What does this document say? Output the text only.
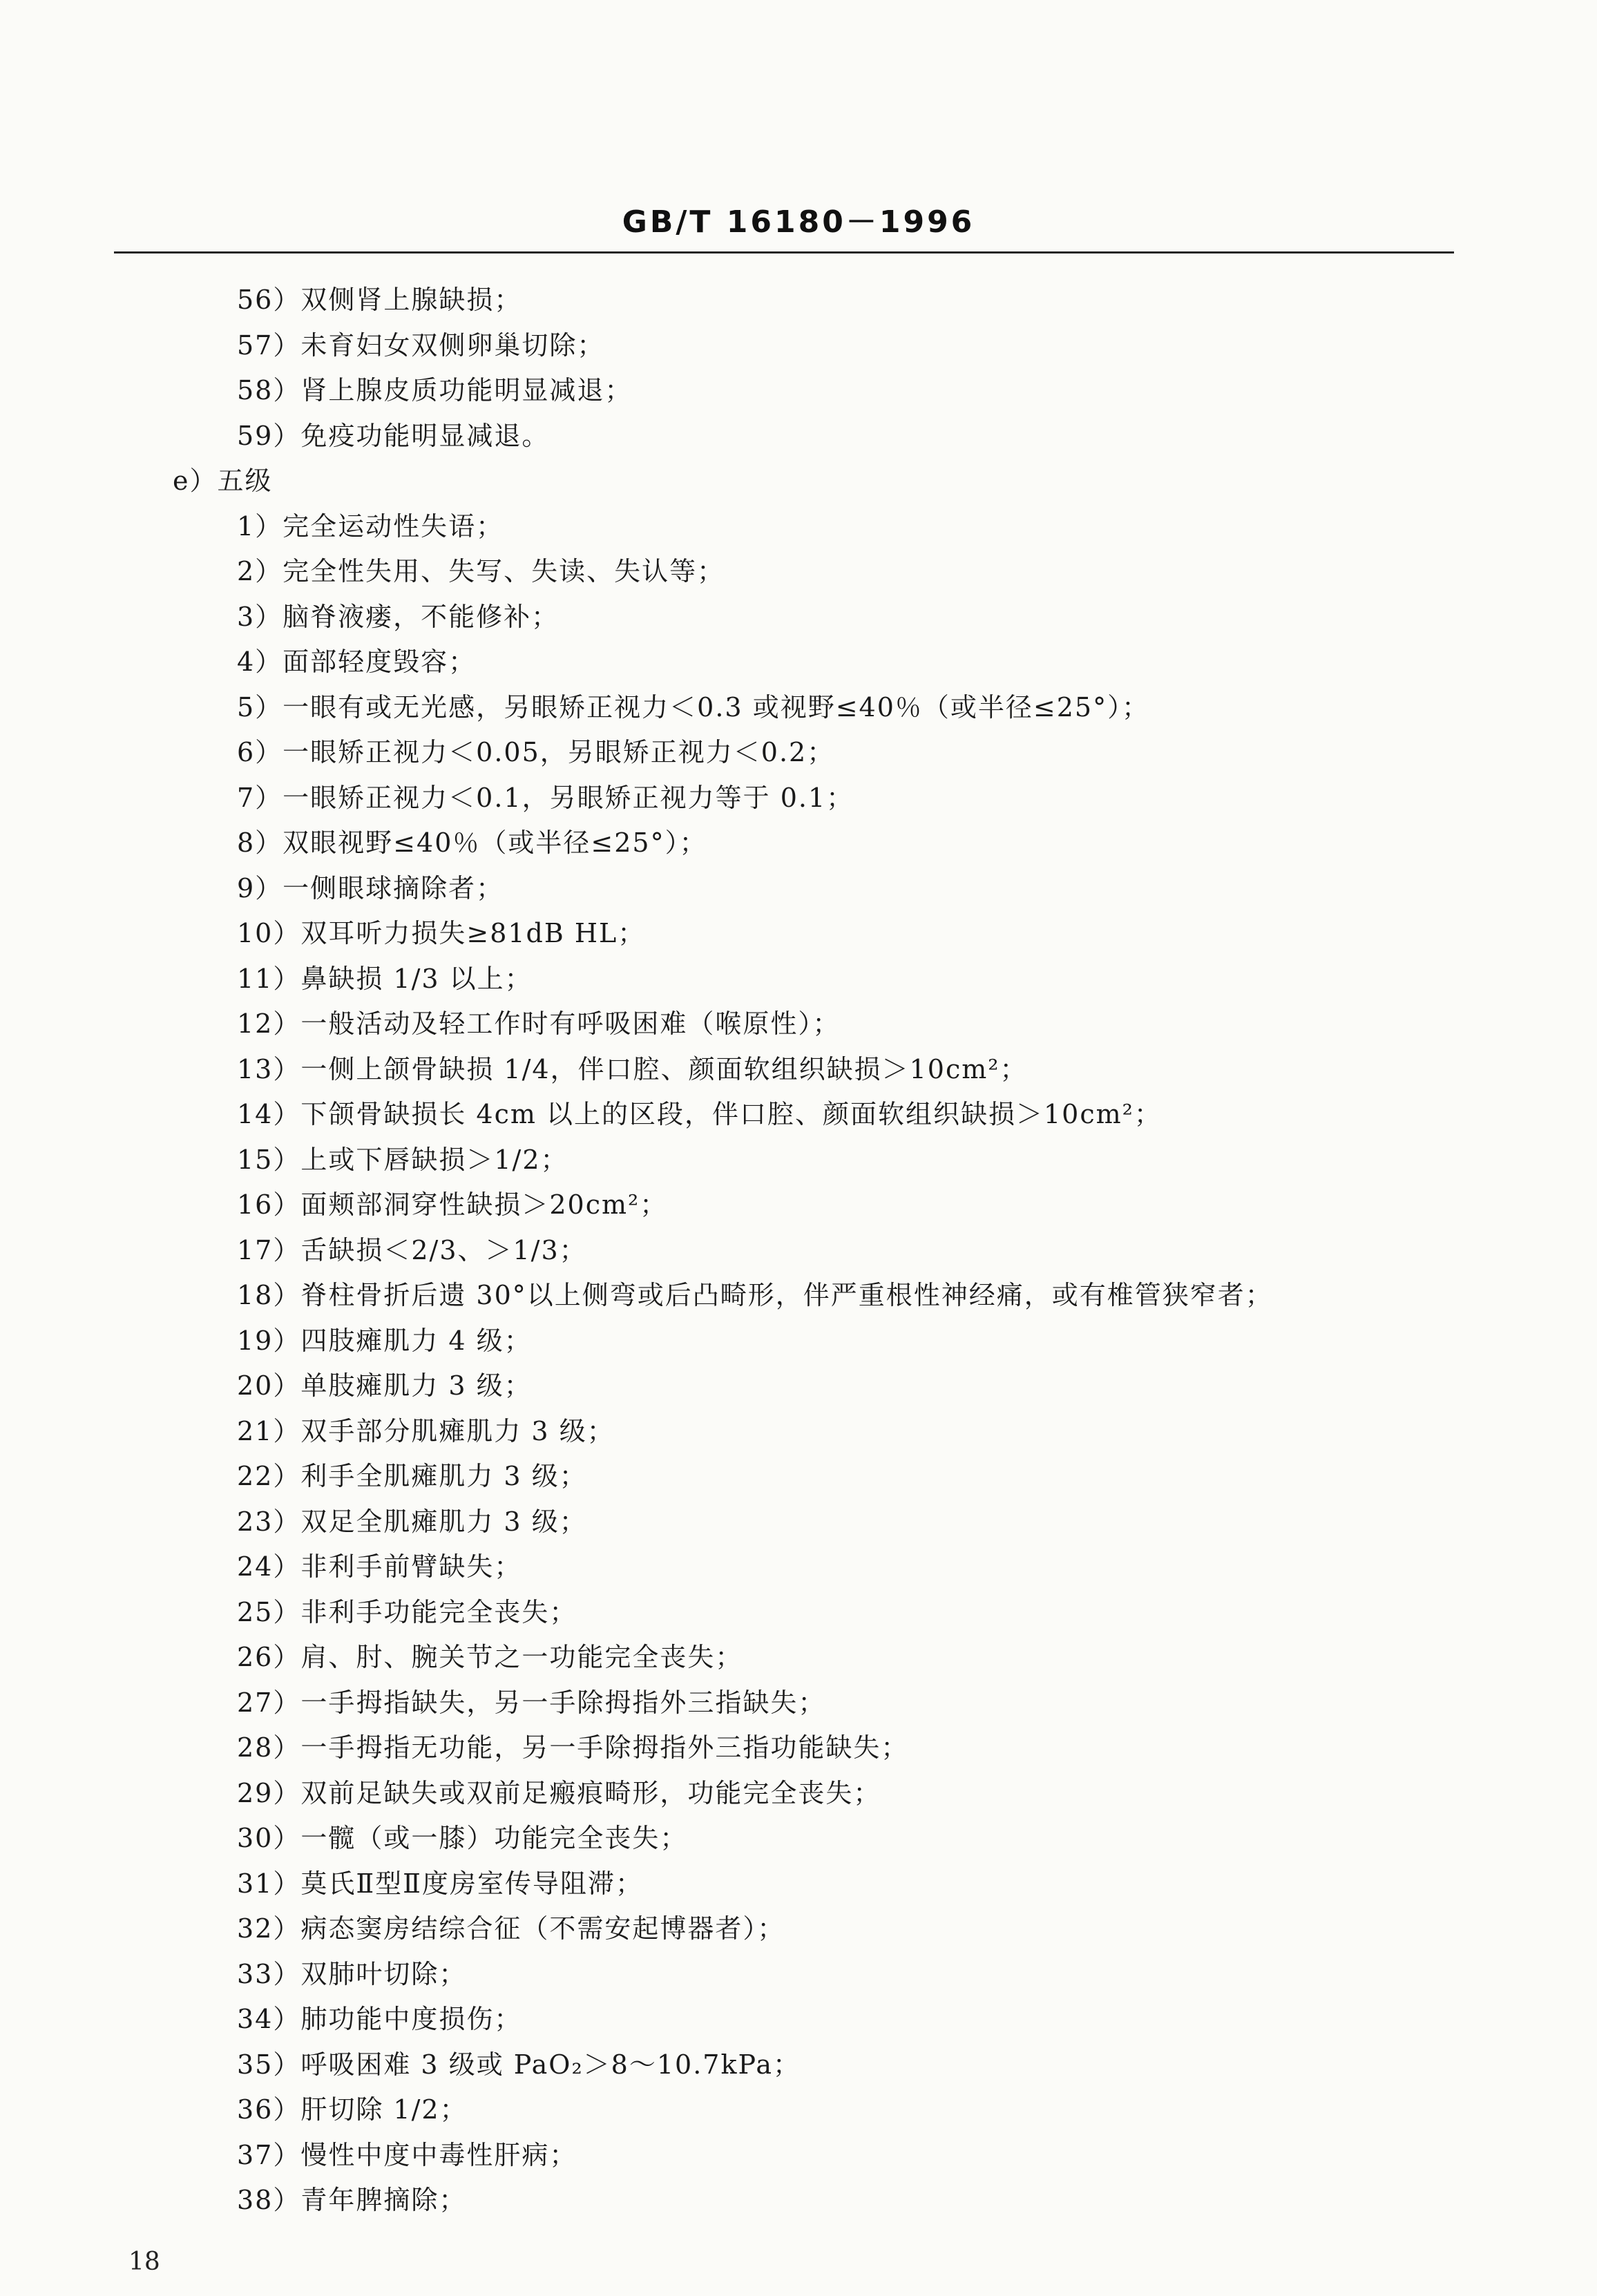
GB/T 16180－1996
56）双侧肾上腺缺损；
57）未育妇女双侧卵巢切除；
58）肾上腺皮质功能明显减退；
59）免疫功能明显减退。
e）五级
1）完全运动性失语；
2）完全性失用、失写、失读、失认等；
3）脑脊液瘘，不能修补；
4）面部轻度毁容；
5）一眼有或无光感，另眼矫正视力＜0.3 或视野≤40％（或半径≤25°）；
6）一眼矫正视力＜0.05，另眼矫正视力＜0.2；
7）一眼矫正视力＜0.1，另眼矫正视力等于 0.1；
8）双眼视野≤40％（或半径≤25°）；
9）一侧眼球摘除者；
10）双耳听力损失≥81dB HL；
11）鼻缺损 1/3 以上；
12）一般活动及轻工作时有呼吸困难（喉原性）；
13）一侧上颌骨缺损 1/4，伴口腔、颜面软组织缺损＞10cm²；
14）下颌骨缺损长 4cm 以上的区段，伴口腔、颜面软组织缺损＞10cm²；
15）上或下唇缺损＞1/2；
16）面颊部洞穿性缺损＞20cm²；
17）舌缺损＜2/3、＞1/3；
18）脊柱骨折后遗 30°以上侧弯或后凸畸形，伴严重根性神经痛，或有椎管狭窄者；
19）四肢瘫肌力 4 级；
20）单肢瘫肌力 3 级；
21）双手部分肌瘫肌力 3 级；
22）利手全肌瘫肌力 3 级；
23）双足全肌瘫肌力 3 级；
24）非利手前臂缺失；
25）非利手功能完全丧失；
26）肩、肘、腕关节之一功能完全丧失；
27）一手拇指缺失，另一手除拇指外三指缺失；
28）一手拇指无功能，另一手除拇指外三指功能缺失；
29）双前足缺失或双前足瘢痕畸形，功能完全丧失；
30）一髋（或一膝）功能完全丧失；
31）莫氏Ⅱ型Ⅱ度房室传导阻滞；
32）病态窦房结综合征（不需安起博器者）；
33）双肺叶切除；
34）肺功能中度损伤；
35）呼吸困难 3 级或 PaO₂＞8～10.7kPa；
36）肝切除 1/2；
37）慢性中度中毒性肝病；
38）青年脾摘除；
18
